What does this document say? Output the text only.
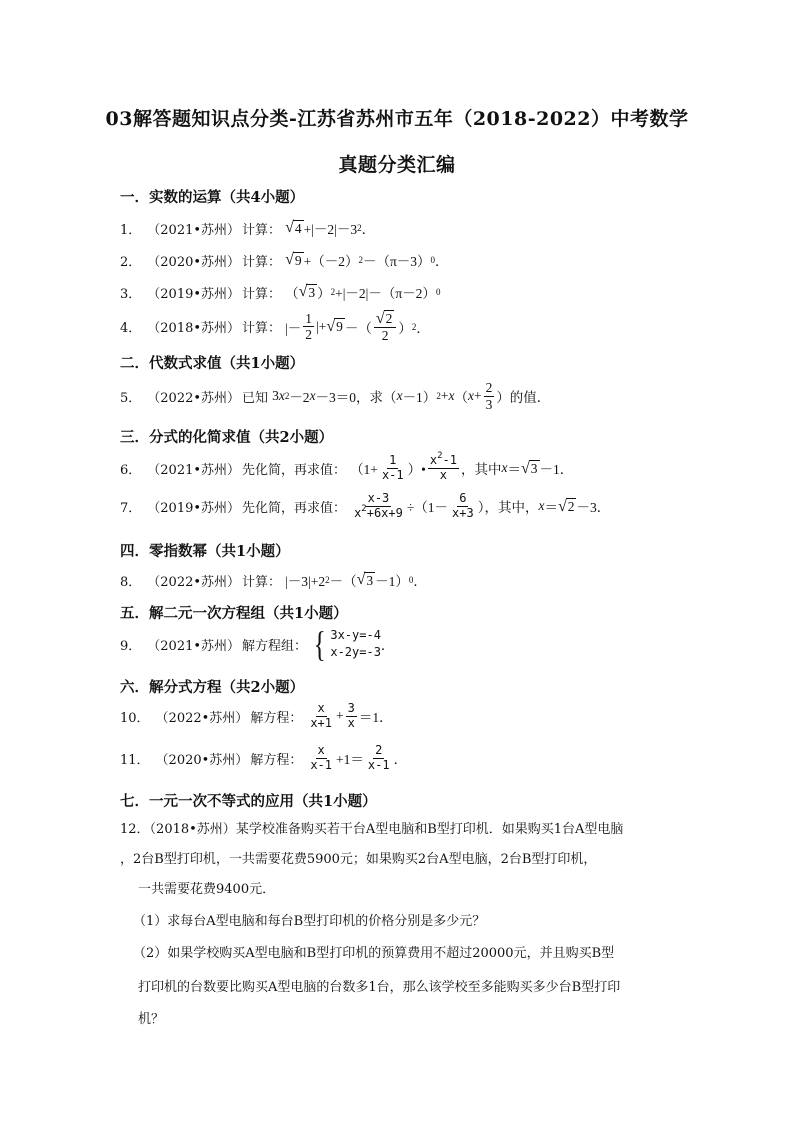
03解答题知识点分类-江苏省苏州市五年（2018-2022）中考数学
真题分类汇编
一．实数的运算（共4小题）
1． （2021•苏州） 计算： √ 4 +|－2|－3 2 ．
2． （2020•苏州） 计算： √ 9 +（－2） 2 －（π－3） 0 ．
3． （2019•苏州） 计算： （ √ 3 ） 2 +|－2|－（π－2） 0
4． （2018•苏州） 计算： |－ $\frac{1}{2}$ |+ √ 9 －（ $\frac{√ 2}{2}$ ） 2 ．
二．代数式求值（共1小题）
5． （2022•苏州） 已知 3 x 2 －2 x －3＝0，求（ x －1） 2 + x （ $x + \frac{2}{3}$ ）的值．
三．分式的化简求值（共2小题）
6． （2021•苏州） 先化简，再求值： （$1+ \frac{1}{x-1}$ ）• $\frac{x^2-1}{x}$ ，其中 x ＝ √ 3 －1．
7． （2019•苏州） 先化简，再求值： $\frac{x-3}{x^2+6x+9} \div(1- \frac{6}{x+3}$ ），其中， x ＝ √ 2 －3．
四．零指数幂（共1小题）
8． （2022•苏州） 计算： |－3|+2 2 －（ √ 3 －1） 0 ．
五．解二元一次方程组（共1小题）
9． （2021•苏州） 解方程组： { 3x-y=-4
x-2y=-3 ．
六．解分式方程（共2小题）
10． （2022•苏州） 解方程： $\frac{x}{x+1} + \frac{3}{x} =1$．
11． （2020•苏州） 解方程： $\frac{x}{x-1} +1= \frac{2}{x-1}$ ．
七．一元一次不等式的应用（共1小题）
12．（2018•苏州）某学校准备购买若干台A型电脑和B型打印机．如果购买1台A型电脑
，2台B型打印机，一共需要花费5900元；如果购买2台A型电脑，2台B型打印机，
一共需要花费9400元．
（1）求每台A型电脑和每台B型打印机的价格分别是多少元？
（2）如果学校购买A型电脑和B型打印机的预算费用不超过20000元，并且购买B型
打印机的台数要比购买A型电脑的台数多1台，那么该学校至多能购买多少台B型打印
机？
